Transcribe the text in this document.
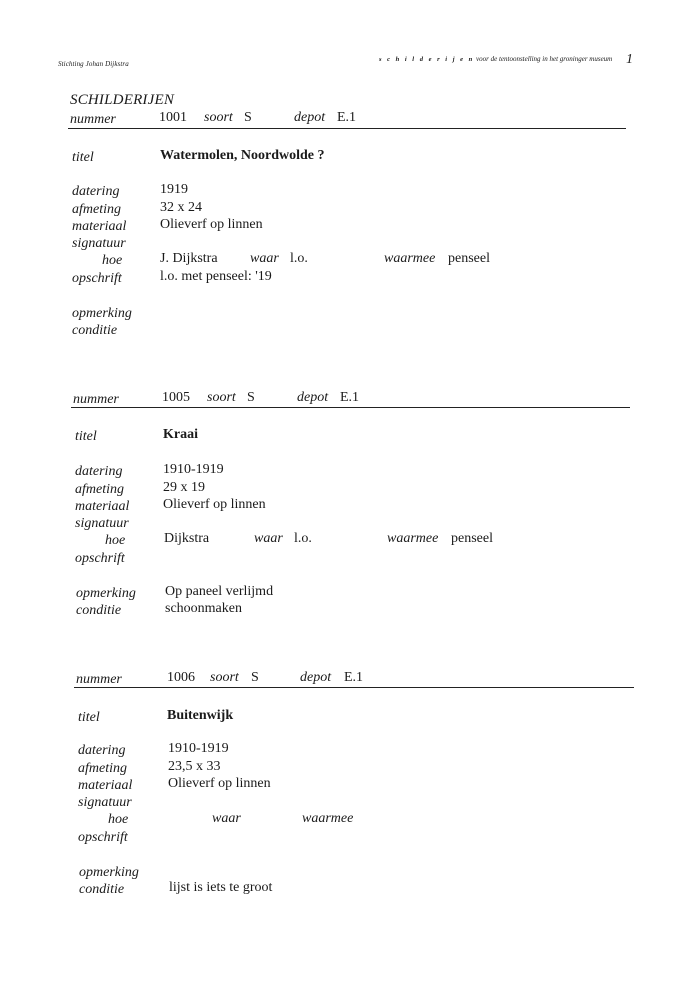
Stichting Johan Dijkstra
s c h i l d e r i j e n voor de tentoonstelling in het groninger museum 1
SCHILDERIJEN
nummer	1001 soort S	depot E.1
titel	Watermolen, Noordwolde ?
datering	1919
afmeting	32 x 24
materiaal Olieverf op linnen
signatuur
hoe	J. Dijkstra waar l.o.	waarmee penseel
opschrift	l.o. met penseel: '19
opmerking
conditie
nummer	1005 soort S	depot E.1
titel	Kraai
datering	1910-1919
afmeting	29 x 19
materiaal Olieverf op linnen
signatuur
hoe	Dijkstra	waar l.o.	waarmee penseel
opschrift
opmerking Op paneel verlijmd
conditie	schoonmaken
nummer	1006 soort S	depot E.1
titel	Buitenwijk
datering	1910-1919
afmeting	23,5 x 33
materiaal	Olieverf op linnen
signatuur
hoe	waar	waarmee
opschrift
opmerking
conditie	lijst is iets te groot
